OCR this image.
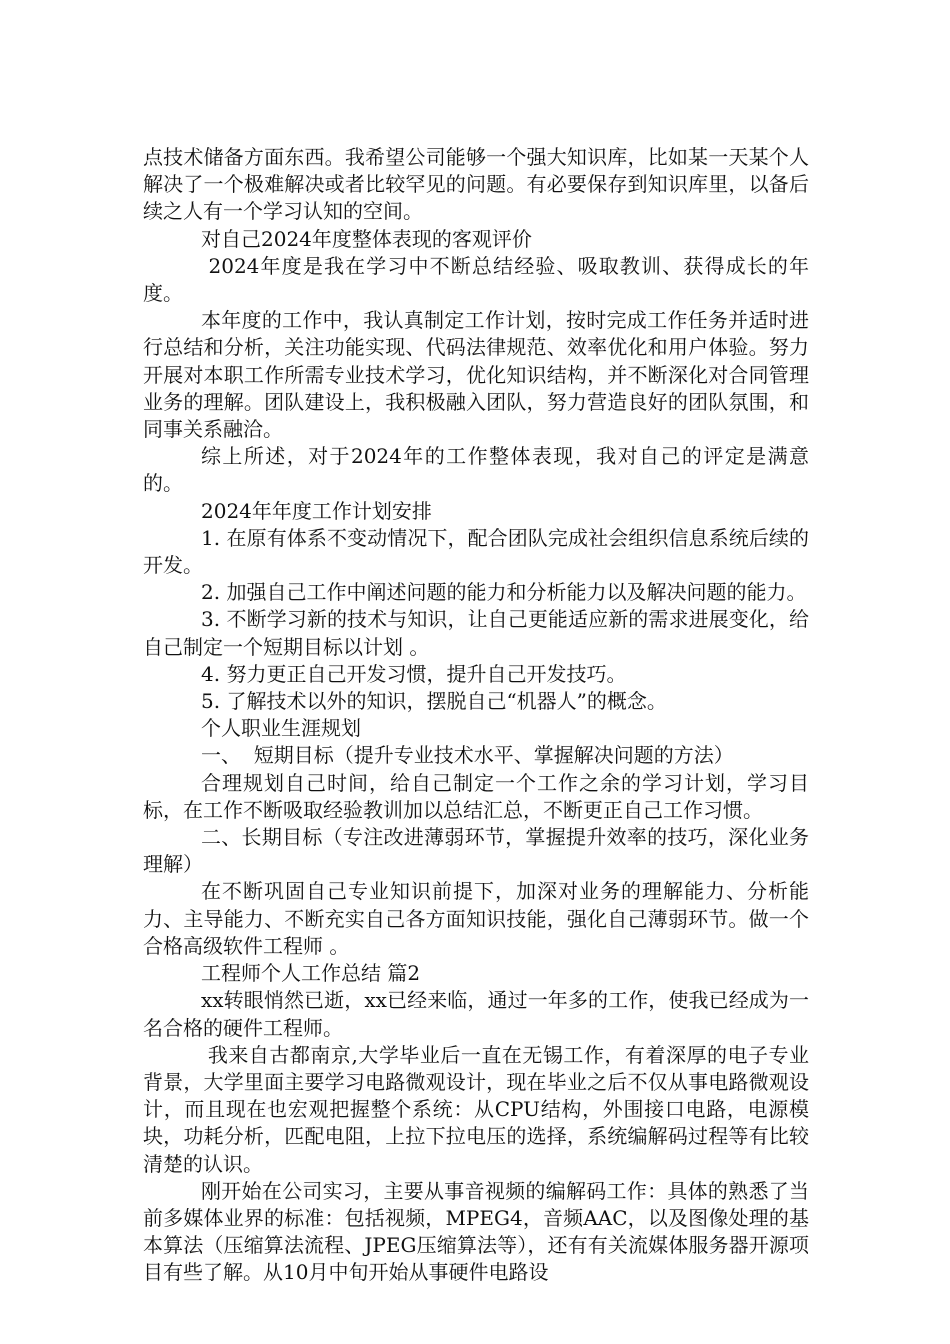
点技术储备方面东西。我希望公司能够一个强大知识库，比如某一天某个人解决了一个极难解决或者比较罕见的问题。有必要保存到知识库里，以备后续之人有一个学习认知的空间。

对自己2024年度整体表现的客观评价

2024年度是我在学习中不断总结经验、吸取教训、获得成长的年度。

本年度的工作中，我认真制定工作计划，按时完成工作任务并适时进行总结和分析，关注功能实现、代码法律规范、效率优化和用户体验。努力开展对本职工作所需专业技术学习，优化知识结构，并不断深化对合同管理业务的理解。团队建设上，我积极融入团队，努力营造良好的团队氛围，和同事关系融洽。

综上所述，对于2024年的工作整体表现，我对自己的评定是满意的。

2024年年度工作计划安排

1. 在原有体系不变动情况下，配合团队完成社会组织信息系统后续的开发。

2. 加强自己工作中阐述问题的能力和分析能力以及解决问题的能力。

3. 不断学习新的技术与知识，让自己更能适应新的需求进展变化，给自己制定一个短期目标以计划 。

4. 努力更正自己开发习惯，提升自己开发技巧。

5. 了解技术以外的知识，摆脱自己“机器人”的概念。

个人职业生涯规划

一、  短期目标（提升专业技术水平、掌握解决问题的方法）

合理规划自己时间，给自己制定一个工作之余的学习计划，学习目标，在工作不断吸取经验教训加以总结汇总，不断更正自己工作习惯。

二、长期目标（专注改进薄弱环节，掌握提升效率的技巧，深化业务理解）

在不断巩固自己专业知识前提下，加深对业务的理解能力、分析能力、主导能力、不断充实自己各方面知识技能，强化自己薄弱环节。做一个合格高级软件工程师 。

工程师个人工作总结 篇2

xx转眼悄然已逝，xx已经来临，通过一年多的工作，使我已经成为一名合格的硬件工程师。

我来自古都南京,大学毕业后一直在无锡工作，有着深厚的电子专业背景，大学里面主要学习电路微观设计，现在毕业之后不仅从事电路微观设计，而且现在也宏观把握整个系统：从CPU结构，外围接口电路，电源模块，功耗分析，匹配电阻，上拉下拉电压的选择，系统编解码过程等有比较清楚的认识。

刚开始在公司实习，主要从事音视频的编解码工作：具体的熟悉了当前多媒体业界的标准：包括视频，MPEG4，音频AAC，以及图像处理的基本算法（压缩算法流程、JPEG压缩算法等），还有有关流媒体服务器开源项目有些了解。从10月中旬开始从事硬件电路设
